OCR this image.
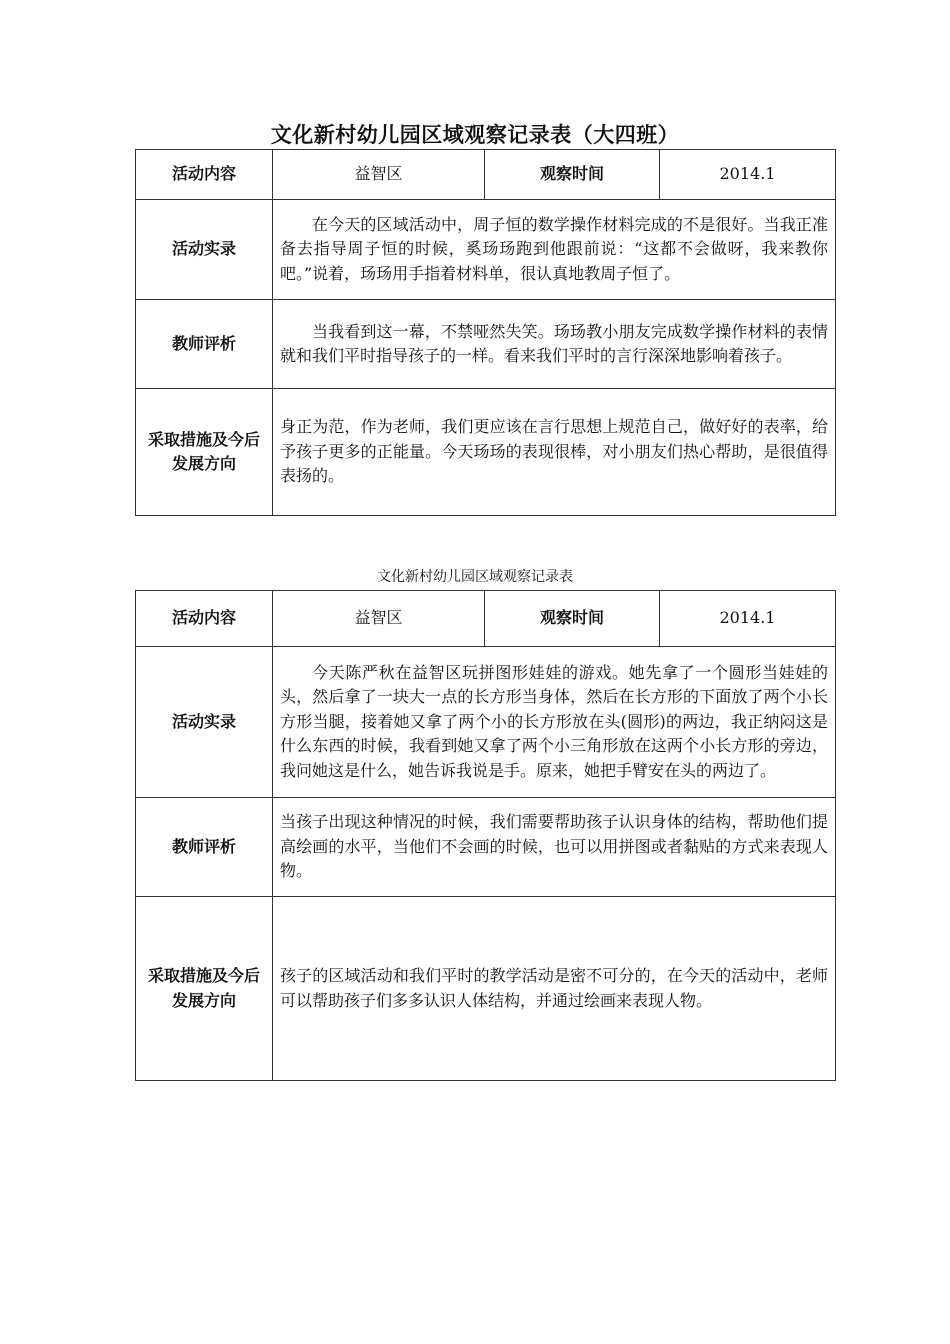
文化新村幼儿园区域观察记录表（大四班）
活动内容	益智区	观察时间	2014.1
活动实录	在今天的区域活动中，周子恒的数学操作材料完成的不是很好。当我正准备去指导周子恒的时候，奚玚玚跑到他跟前说：“这都不会做呀，我来教你吧。”说着，玚玚用手指着材料单，很认真地教周子恒了。		
教师评析	当我看到这一幕，不禁哑然失笑。玚玚教小朋友完成数学操作材料的表情就和我们平时指导孩子的一样。看来我们平时的言行深深地影响着孩子。		
采取措施及今后发展方向	身正为范，作为老师，我们更应该在言行思想上规范自己，做好好的表率，给予孩子更多的正能量。今天玚玚的表现很棒，对小朋友们热心帮助，是很值得表扬的。		
文化新村幼儿园区域观察记录表
活动内容	益智区	观察时间	2014.1
活动实录	今天陈严秋在益智区玩拼图形娃娃的游戏。她先拿了一个圆形当娃娃的头，然后拿了一块大一点的长方形当身体，然后在长方形的下面放了两个小长方形当腿，接着她又拿了两个小的长方形放在头(圆形)的两边，我正纳闷这是什么东西的时候，我看到她又拿了两个小三角形放在这两个小长方形的旁边，我问她这是什么，她告诉我说是手。原来，她把手臂安在头的两边了。		
教师评析	当孩子出现这种情况的时候，我们需要帮助孩子认识身体的结构，帮助他们提高绘画的水平，当他们不会画的时候，也可以用拼图或者黏贴的方式来表现人物。		
采取措施及今后发展方向	孩子的区域活动和我们平时的教学活动是密不可分的，在今天的活动中，老师可以帮助孩子们多多认识人体结构，并通过绘画来表现人物。		
